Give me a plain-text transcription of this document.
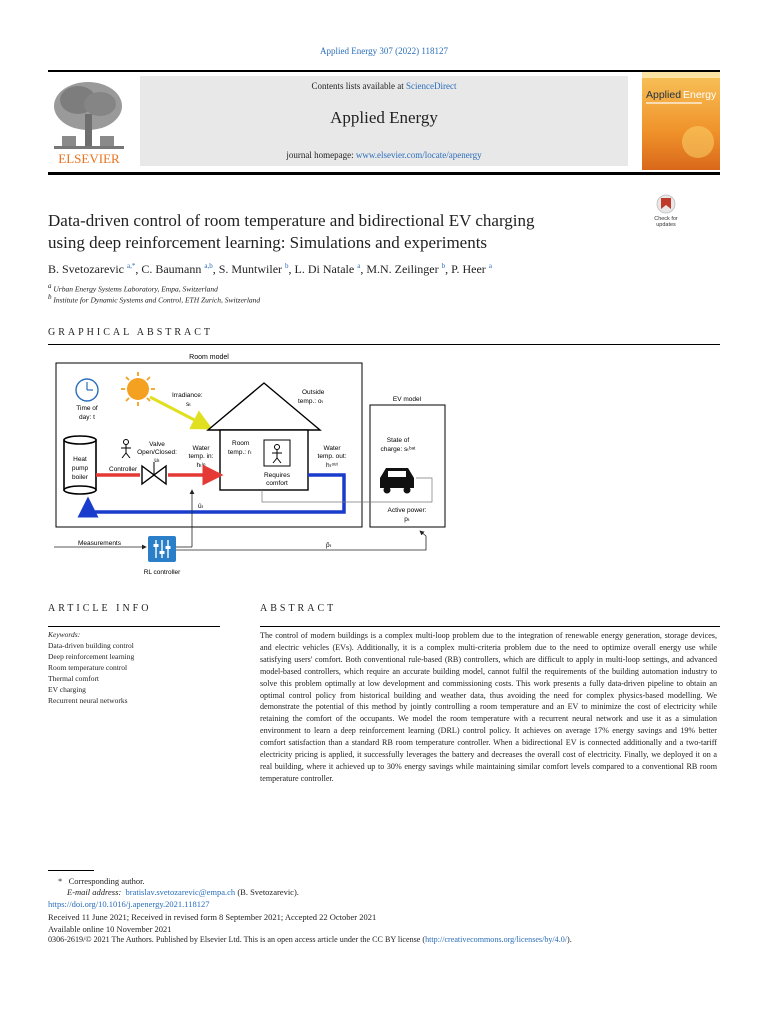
Applied Energy 307 (2022) 118127
ELSEVIER
Contents lists available at ScienceDirect
Applied Energy
journal homepage: www.elsevier.com/locate/apenergy
Applied Energy
Data-driven control of room temperature and bidirectional EV charging
using deep reinforcement learning: Simulations and experiments
Check for
updates
B. Svetozarevic $^{a,*}$, C. Baumann $^{a,b}$, S. Muntwiler $^b$, L. Di Natale $^a$, M.N. Zeilinger $^b$, P. Heer $^a$
$^a$ Urban Energy Systems Laboratory, Empa, Switzerland
$^b$ Institute for Dynamic Systems and Control, ETH Zurich, Switzerland
GRAPHICAL ABSTRACT
Room model
Time of
day: t
Irradiance:
sₜ
Outside
temp.: oₜ
Room
temp.: rₜ
Requires
comfort
Heat
pump
boiler
Controller
Valve
Open/Closed:
uₜ
Water
temp. in:
hₜⁱⁿ
Water
temp. out:
hₜᵒᵘᵗ
ûₜ
EV model
State of
charge: sₜᵇᵃᵗ
Active power:
pₜ
Measurements
RL controller
p̂ₜ
ARTICLE INFO
Keywords:
Data-driven building control
Deep reinforcement learning
Room temperature control
Thermal comfort
EV charging
Recurrent neural networks
ABSTRACT
The control of modern buildings is a complex multi-loop problem due to the integration of renewable energy generation, storage devices, and electric vehicles (EVs). Additionally, it is a complex multi-criteria problem due to the need to optimize overall energy use while satisfying users' comfort. Both conventional rule-based (RB) controllers, which are difficult to apply in multi-loop settings, and advanced model-based controllers, which require an accurate building model, cannot fulfil the requirements of the building automation industry to solve this problem optimally at low development and commissioning costs. This work presents a fully data-driven pipeline to obtain an optimal control policy from historical building and weather data, thus avoiding the need for complex physics-based modelling. We demonstrate the potential of this method by jointly controlling a room temperature and an EV to minimize the cost of electricity while retaining the comfort of the occupants. We model the room temperature with a recurrent neural network and use it as a simulation environment to learn a deep reinforcement learning (DRL) control policy. It achieves on average 17% energy savings and 19% better comfort satisfaction than a standard RB room temperature controller. When a bidirectional EV is connected additionally and a two-tariff electricity pricing is applied, it successfully leverages the battery and decreases the overall cost of electricity. Finally, we deployed it on a real building, where it achieved up to 30% energy savings while maintaining similar comfort levels compared to a conventional RB room temperature controller.
* Corresponding author.
E-mail address: bratislav.svetozarevic@empa.ch (B. Svetozarevic).
https://doi.org/10.1016/j.apenergy.2021.118127
Received 11 June 2021; Received in revised form 8 September 2021; Accepted 22 October 2021
Available online 10 November 2021
0306-2619/© 2021 The Authors. Published by Elsevier Ltd. This is an open access article under the CC BY license (http://creativecommons.org/licenses/by/4.0/).
